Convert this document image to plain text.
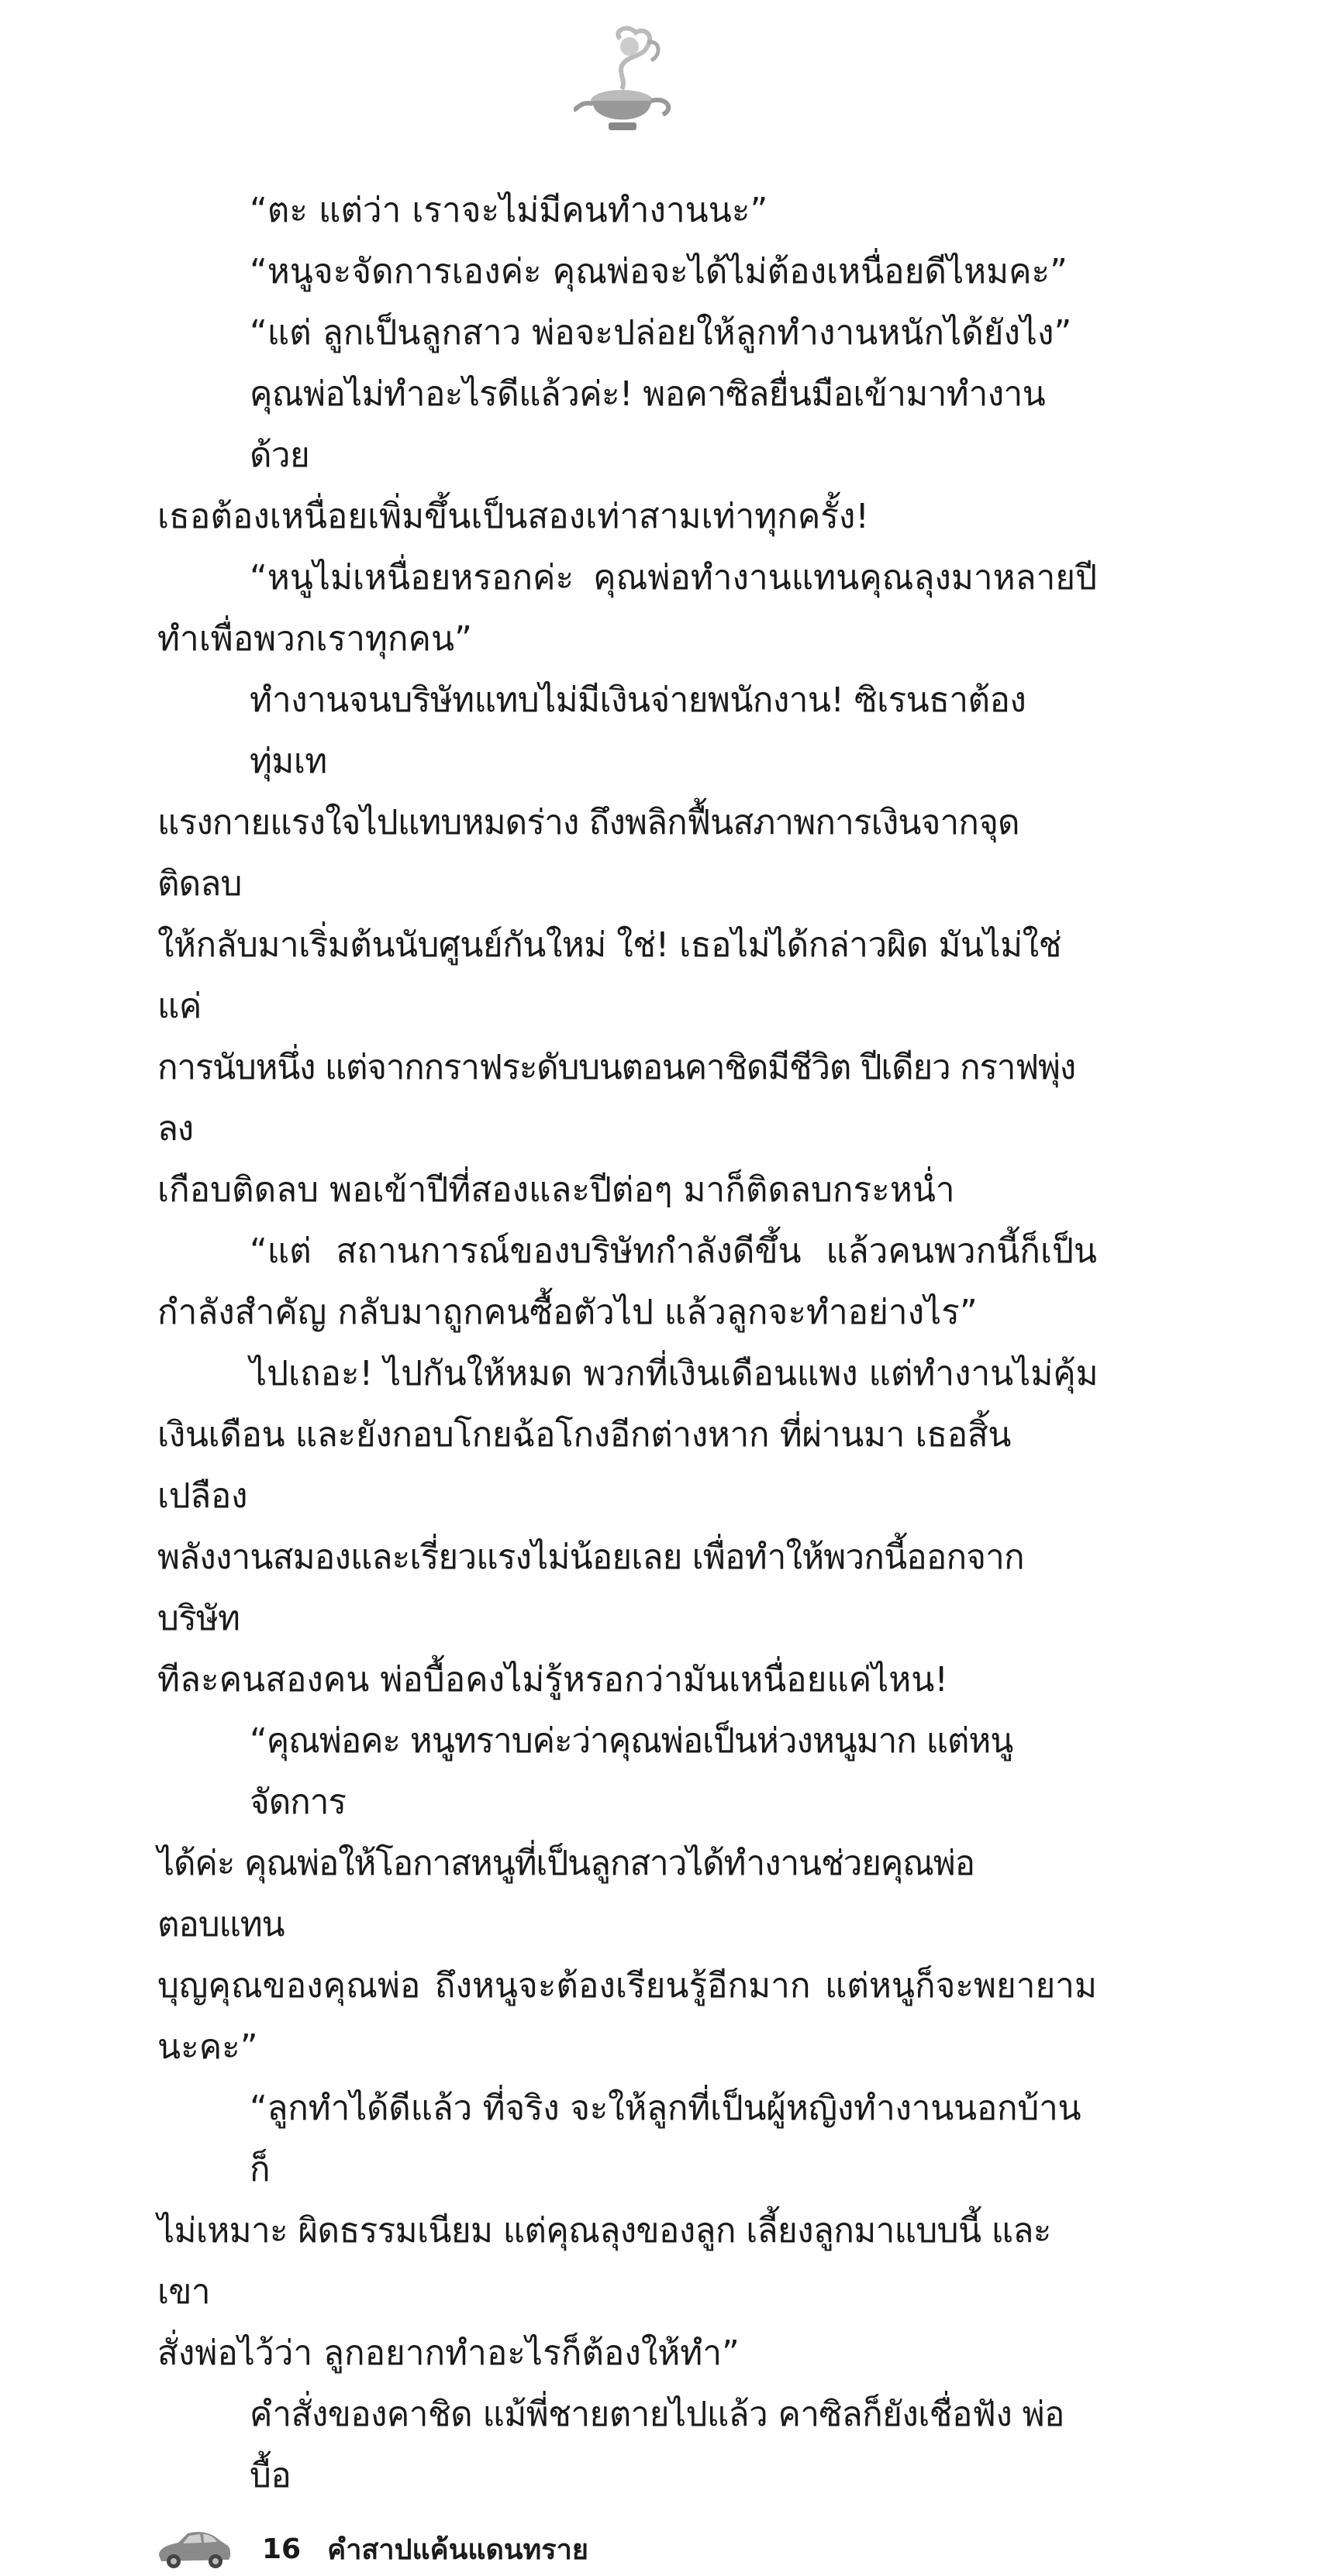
“ตะ แต่ว่า เราจะไม่มีคนทำงานนะ”
“หนูจะจัดการเองค่ะ คุณพ่อจะได้ไม่ต้องเหนื่อยดีไหมคะ”
“แต่ ลูกเป็นลูกสาว พ่อจะปล่อยให้ลูกทำงานหนักได้ยังไง”
คุณพ่อไม่ทำอะไรดีแล้วค่ะ! พอคาซิลยื่นมือเข้ามาทำงานด้วย
เธอต้องเหนื่อยเพิ่มขึ้นเป็นสองเท่าสามเท่าทุกครั้ง!
“หนูไม่เหนื่อยหรอกค่ะ คุณพ่อทำงานแทนคุณลุงมาหลายปี
ทำเพื่อพวกเราทุกคน”
ทำงานจนบริษัทแทบไม่มีเงินจ่ายพนักงาน! ซิเรนธาต้องทุ่มเท
แรงกายแรงใจไปแทบหมดร่าง ถึงพลิกฟื้นสภาพการเงินจากจุดติดลบ
ให้กลับมาเริ่มต้นนับศูนย์กันใหม่ ใช่! เธอไม่ได้กล่าวผิด มันไม่ใช่แค่
การนับหนึ่ง แต่จากกราฟระดับบนตอนคาชิดมีชีวิต ปีเดียว กราฟพุ่งลง
เกือบติดลบ พอเข้าปีที่สองและปีต่อๆ มาก็ติดลบกระหน่ำ
“แต่ สถานการณ์ของบริษัทกำลังดีขึ้น แล้วคนพวกนี้ก็เป็น
กำลังสำคัญ กลับมาถูกคนซื้อตัวไป แล้วลูกจะทำอย่างไร”
ไปเถอะ! ไปกันให้หมด พวกที่เงินเดือนแพง แต่ทำงานไม่คุ้ม
เงินเดือน และยังกอบโกยฉ้อโกงอีกต่างหาก ที่ผ่านมา เธอสิ้นเปลือง
พลังงานสมองและเรี่ยวแรงไม่น้อยเลย เพื่อทำให้พวกนี้ออกจากบริษัท
ทีละคนสองคน พ่อบื้อคงไม่รู้หรอกว่ามันเหนื่อยแค่ไหน!
“คุณพ่อคะ หนูทราบค่ะว่าคุณพ่อเป็นห่วงหนูมาก แต่หนูจัดการ
ได้ค่ะ คุณพ่อให้โอกาสหนูที่เป็นลูกสาวได้ทำงานช่วยคุณพ่อ ตอบแทน
บุญคุณของคุณพ่อ ถึงหนูจะต้องเรียนรู้อีกมาก แต่หนูก็จะพยายาม
นะคะ”
“ลูกทำได้ดีแล้ว ที่จริง จะให้ลูกที่เป็นผู้หญิงทำงานนอกบ้านก็
ไม่เหมาะ ผิดธรรมเนียม แต่คุณลุงของลูก เลี้ยงลูกมาแบบนี้ และเขา
สั่งพ่อไว้ว่า ลูกอยากทำอะไรก็ต้องให้ทำ”
คำสั่งของคาชิด แม้พี่ชายตายไปแล้ว คาซิลก็ยังเชื่อฟัง พ่อบื้อ
16 คำสาปแค้นแดนทราย
